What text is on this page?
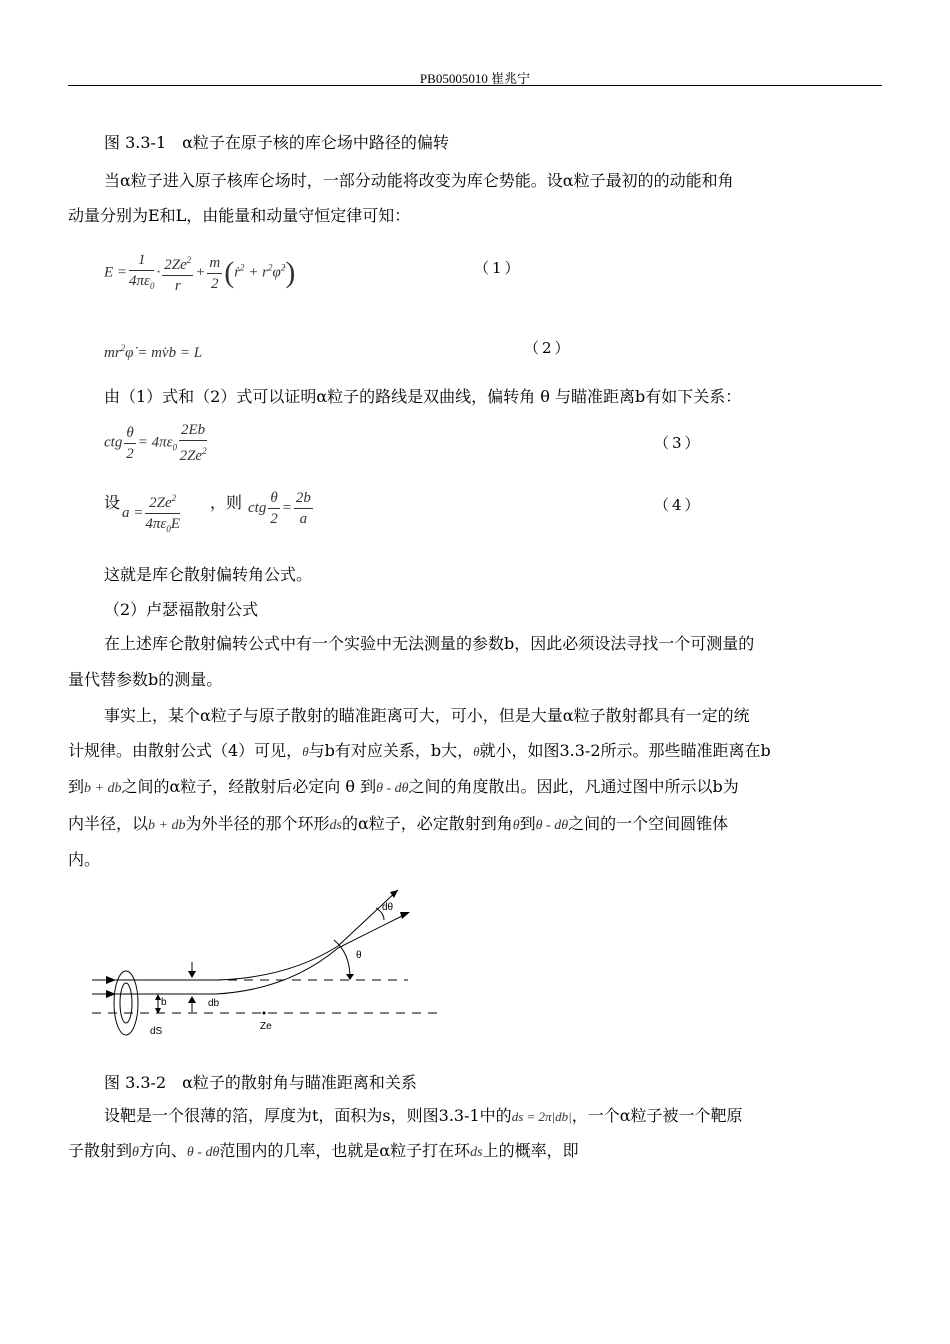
PB05005010 崔兆宁
图 3.3-1　α粒子在原子核的库仑场中路径的偏转
当α粒子进入原子核库仑场时，一部分动能将改变为库仑势能。设α粒子最初的的动能和角
动量分别为E和L，由能量和动量守恒定律可知：
$E = \frac{1}{4\pi\varepsilon_0} \cdot \frac{2Ze^2}{r} + \frac{m}{2}$ (ṙ$^2$ + $r^2\varphi̇^2$)	（1）
$mr^2\varphi̇$ = mv̇b = L	（2）
由（1）式和（2）式可以证明α粒子的路线是双曲线，偏转角 θ 与瞄准距离b有如下关系：
ctg $\frac{\theta}{2} = 4\pi\varepsilon_0 \frac{2Eb}{2Ze^2}$	（3）
设
$a = \frac{2Ze^2}{4\pi\varepsilon_0E}$ ，则 ctg $\frac{\theta}{2} = \frac{2b}{a}$	（4）
这就是库仑散射偏转角公式。
（2）卢瑟福散射公式
在上述库仑散射偏转公式中有一个实验中无法测量的参数b，因此必须设法寻找一个可测量的
量代替参数b的测量。
事实上，某个α粒子与原子散射的瞄准距离可大，可小，但是大量α粒子散射都具有一定的统
计规律。由散射公式（4）可见，θ与b有对应关系，b大，θ就小，如图3.3-2所示。那些瞄准距离在b
到b + db之间的α粒子，经散射后必定向 θ 到θ - dθ之间的角度散出。因此，凡通过图中所示以b为
内半径，以b + db为外半径的那个环形ds的α粒子，必定散射到角θ到θ - dθ之间的一个空间圆锥体
内。
dθ
θ
b	db
dS	Ze
图 3.3-2　α粒子的散射角与瞄准距离和关系
设靶是一个很薄的箔，厚度为t，面积为s，则图3.3-1中的ds = 2π|db|，一个α粒子被一个靶原
子散射到θ方向、θ - dθ范围内的几率，也就是α粒子打在环ds上的概率，即
